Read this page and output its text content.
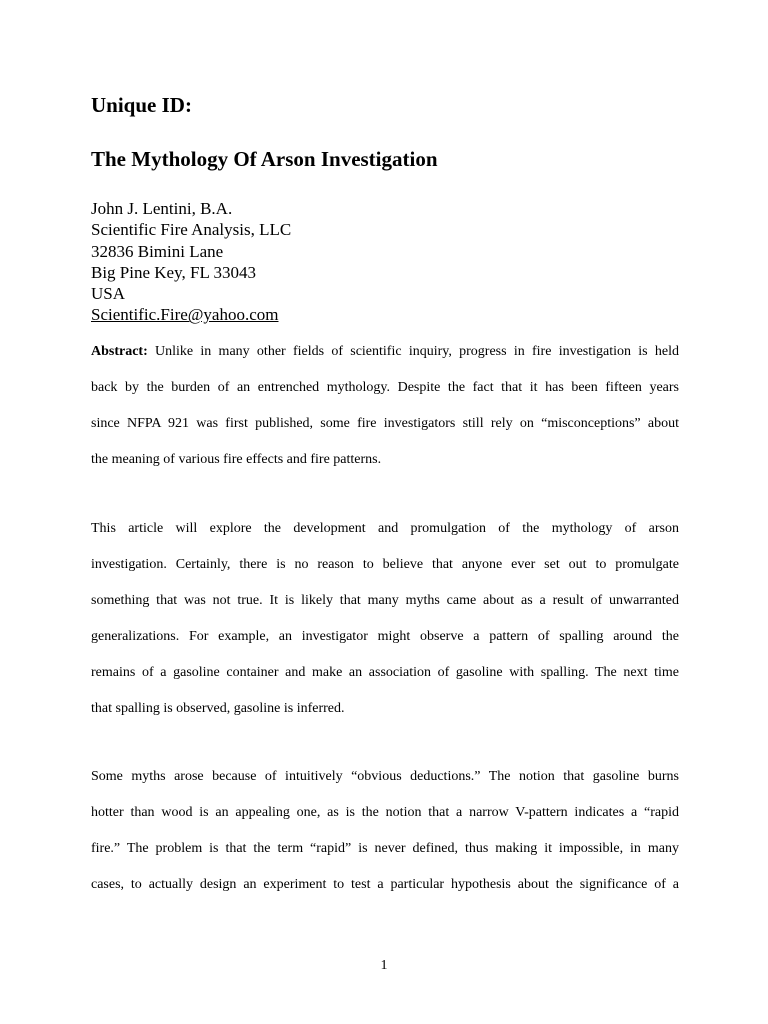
Unique ID:
The Mythology Of Arson Investigation
John J. Lentini, B.A.
Scientific Fire Analysis, LLC
32836 Bimini Lane
Big Pine Key, FL 33043
USA
Scientific.Fire@yahoo.com
Abstract: Unlike in many other fields of scientific inquiry, progress in fire investigation is held
back by the burden of an entrenched mythology. Despite the fact that it has been fifteen years
since NFPA 921 was first published, some fire investigators still rely on “misconceptions” about
the meaning of various fire effects and fire patterns.
This article will explore the development and promulgation of the mythology of arson
investigation. Certainly, there is no reason to believe that anyone ever set out to promulgate
something that was not true. It is likely that many myths came about as a result of unwarranted
generalizations. For example, an investigator might observe a pattern of spalling around the
remains of a gasoline container and make an association of gasoline with spalling. The next time
that spalling is observed, gasoline is inferred.
Some myths arose because of intuitively “obvious deductions.” The notion that gasoline burns
hotter than wood is an appealing one, as is the notion that a narrow V-pattern indicates a “rapid
fire.” The problem is that the term “rapid” is never defined, thus making it impossible, in many
cases, to actually design an experiment to test a particular hypothesis about the significance of a
1
